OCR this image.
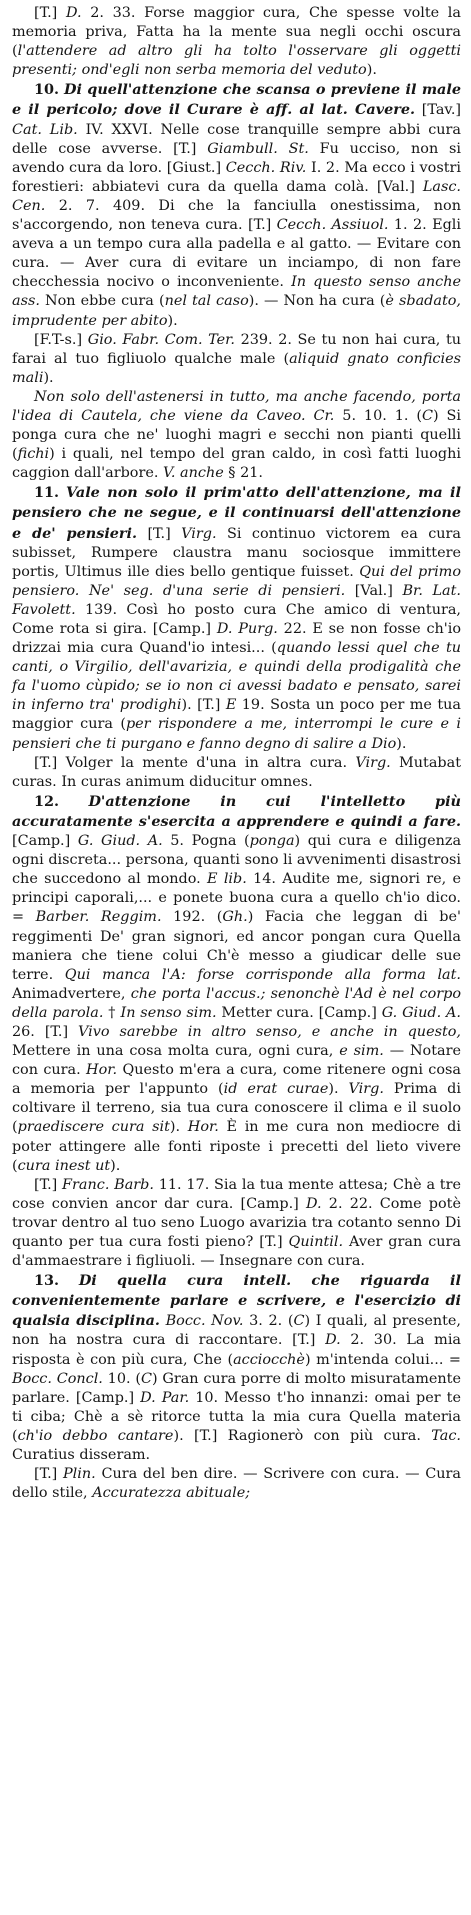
[T.] D. 2. 33. Forse maggior cura, Che spesse volte la memoria priva, Fatta ha la mente sua negli occhi oscura (l'attendere ad altro gli ha tolto l'osservare gli oggetti presenti; ond'egli non serba memoria del veduto).

10. Di quell'attenzione che scansa o previene il male e il pericolo; dove il Curare è aff. al lat. Cavere. [Tav.] Cat. Lib. IV. XXVI. Nelle cose tranquille sempre abbi cura delle cose avverse. [T.] Giambull. St. Fu ucciso, non si avendo cura da loro. [Giust.] Cecch. Riv. I. 2. Ma ecco i vostri forestieri: abbiatevi cura da quella dama colà. [Val.] Lasc. Cen. 2. 7. 409. Di che la fanciulla onestissima, non s'accorgendo, non teneva cura. [T.] Cecch. Assiuol. 1. 2. Egli aveva a un tempo cura alla padella e al gatto. — Evitare con cura. — Aver cura di evitare un inciampo, di non fare checchessia nocivo o inconveniente. In questo senso anche ass. Non ebbe cura (nel tal caso). — Non ha cura (è sbadato, imprudente per abito).

[F.T-s.] Gio. Fabr. Com. Ter. 239. 2. Se tu non hai cura, tu farai al tuo figliuolo qualche male (aliquid gnato conficies mali).

Non solo dell'astenersi in tutto, ma anche facendo, porta l'idea di Cautela, che viene da Caveo. Cr. 5. 10. 1. (C) Si ponga cura che ne' luoghi magri e secchi non pianti quelli (fichi) i quali, nel tempo del gran caldo, in così fatti luoghi caggion dall'arbore. V. anche § 21.

11. Vale non solo il prim'atto dell'attenzione, ma il pensiero che ne segue, e il continuarsi dell'attenzione e de' pensieri. [T.] Virg. Si continuo victorem ea cura subisset, Rumpere claustra manu sociosque immittere portis, Ultimus ille dies bello gentique fuisset. Qui del primo pensiero. Ne' seg. d'una serie di pensieri. [Val.] Br. Lat. Favolett. 139. Così ho posto cura Che amico di ventura, Come rota si gira. [Camp.] D. Purg. 22. E se non fosse ch'io drizzai mia cura Quand'io intesi... (quando lessi quel che tu canti, o Virgilio, dell'avarizia, e quindi della prodigalità che fa l'uomo cùpido; se io non ci avessi badato e pensato, sarei in inferno tra' prodighi). [T.] E 19. Sosta un poco per me tua maggior cura (per rispondere a me, interrompi le cure e i pensieri che ti purgano e fanno degno di salire a Dio).

[T.] Volger la mente d'una in altra cura. Virg. Mutabat curas. In curas animum diducitur omnes.

12. D'attenzione in cui l'intelletto più accuratamente s'esercita a apprendere e quindi a fare. [Camp.] G. Giud. A. 5. Pogna (ponga) qui cura e diligenza ogni discreta... persona, quanti sono li avvenimenti disastrosi che succedono al mondo. E lib. 14. Audite me, signori re, e principi caporali,... e ponete buona cura a quello ch'io dico. = Barber. Reggim. 192. (Gh.) Facia che leggan di be' reggimenti De' gran signori, ed ancor pongan cura Quella maniera che tiene colui Ch'è messo a giudicar delle sue terre. Qui manca l'A: forse corrisponde alla forma lat. Animadvertere, che porta l'accus.; senonchè l'Ad è nel corpo della parola. † In senso sim. Metter cura. [Camp.] G. Giud. A. 26. [T.] Vivo sarebbe in altro senso, e anche in questo, Mettere in una cosa molta cura, ogni cura, e sim. — Notare con cura. Hor. Questo m'era a cura, come ritenere ogni cosa a memoria per l'appunto (id erat curae). Virg. Prima di coltivare il terreno, sia tua cura conoscere il clima e il suolo (praediscere cura sit). Hor. È in me cura non mediocre di poter attingere alle fonti riposte i precetti del lieto vivere (cura inest ut).

[T.] Franc. Barb. 11. 17. Sia la tua mente attesa; Chè a tre cose convien ancor dar cura. [Camp.] D. 2. 22. Come potè trovar dentro al tuo seno Luogo avarizia tra cotanto senno Di quanto per tua cura fosti pieno? [T.] Quintil. Aver gran cura d'ammaestrare i figliuoli. — Insegnare con cura.

13. Di quella cura intell. che riguarda il convenientemente parlare e scrivere, e l'esercizio di qualsia disciplina. Bocc. Nov. 3. 2. (C) I quali, al presente, non ha nostra cura di raccontare. [T.] D. 2. 30. La mia risposta è con più cura, Che (acciocchè) m'intenda colui... = Bocc. Concl. 10. (C) Gran cura porre di molto misuratamente parlare. [Camp.] D. Par. 10. Messo t'ho innanzi: omai per te ti ciba; Chè a sè ritorce tutta la mia cura Quella materia (ch'io debbo cantare). [T.] Ragionerò con più cura. Tac. Curatius disseram.

[T.] Plin. Cura del ben dire. — Scrivere con cura. — Cura dello stile, Accuratezza abituale;
